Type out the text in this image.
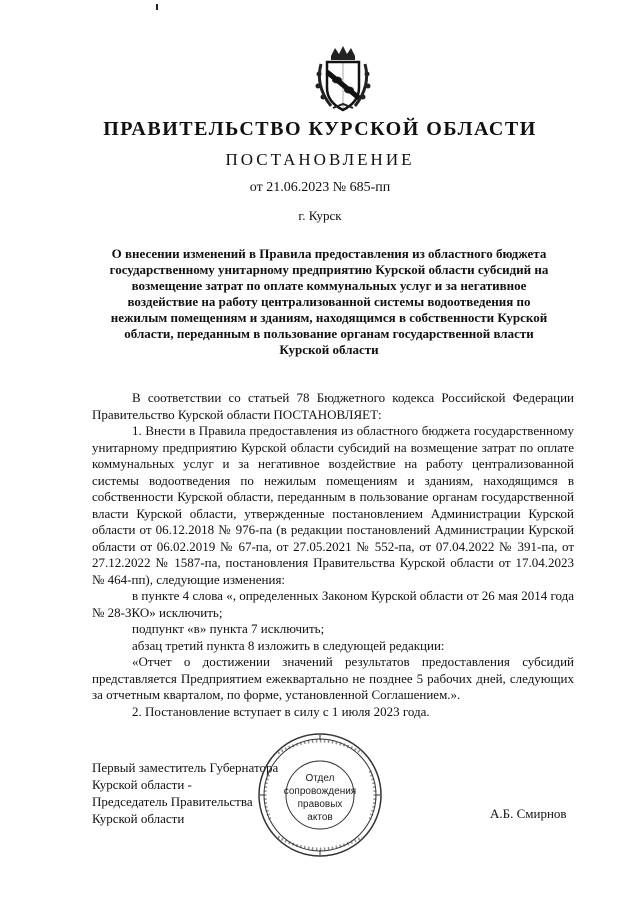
ПРАВИТЕЛЬСТВО КУРСКОЙ ОБЛАСТИ
ПОСТАНОВЛЕНИЕ
от 21.06.2023 № 685-пп
г. Курск
О внесении изменений в Правила предоставления из областного бюджета
государственному унитарному предприятию Курской области субсидий на
возмещение затрат по оплате коммунальных услуг и за негативное
воздействие на работу централизованной системы водоотведения по
нежилым помещениям и зданиям, находящимся в собственности Курской
области, переданным в пользование органам государственной власти
Курской области

В соответствии со статьей 78 Бюджетного кодекса Российской Федерации Правительство Курской области ПОСТАНОВЛЯЕТ:

1. Внести в Правила предоставления из областного бюджета государственному унитарному предприятию Курской области субсидий на возмещение затрат по оплате коммунальных услуг и за негативное воздействие на работу централизованной системы водоотведения по нежилым помещениям и зданиям, находящимся в собственности Курской области, переданным в пользование органам государственной власти Курской области, утвержденные постановлением Администрации Курской области от 06.12.2018 № 976-па (в редакции постановлений Администрации Курской области от 06.02.2019 № 67-па, от 27.05.2021 № 552-па, от 07.04.2022 № 391-па, от 27.12.2022 № 1587-па, постановления Правительства Курской области от 17.04.2023 № 464-пп), следующие изменения:

в пункте 4 слова «, определенных Законом Курской области от 26 мая 2014 года № 28-ЗКО» исключить;

подпункт «в» пункта 7 исключить;

абзац третий пункта 8 изложить в следующей редакции:

«Отчет о достижении значений результатов предоставления субсидий представляется Предприятием ежеквартально не позднее 5 рабочих дней, следующих за отчетным кварталом, по форме, установленной Соглашением.».

2. Постановление вступает в силу с 1 июля 2023 года.

Первый заместитель Губернатора
Курской области -
Председатель Правительства
Курской области	А.Б. Смирнов
Отдел
сопровождения
правовых
актов
